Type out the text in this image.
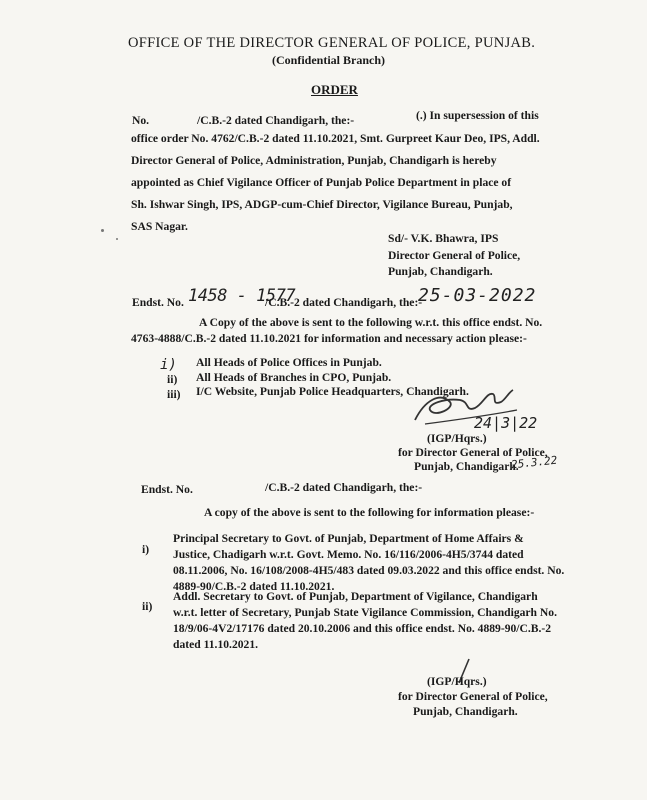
OFFICE OF THE DIRECTOR GENERAL OF POLICE, PUNJAB.
(Confidential Branch)
ORDER
No.	/C.B.-2 dated Chandigarh, the:-	(.) In supersession of this
office order No. 4762/C.B.-2 dated 11.10.2021, Smt. Gurpreet Kaur Deo, IPS, Addl.
Director General of Police, Administration, Punjab, Chandigarh is hereby
appointed as Chief Vigilance Officer of Punjab Police Department in place of
Sh. Ishwar Singh, IPS, ADGP-cum-Chief Director, Vigilance Bureau, Punjab,
SAS Nagar.
Sd/- V.K. Bhawra, IPS
Director General of Police,
Punjab, Chandigarh.
Endst. No. 1458 - 1577
/C.B.-2 dated Chandigarh, the:-
25-03-2022
A Copy of the above is sent to the following w.r.t. this office endst. No.
4763-4888/C.B.-2 dated 11.10.2021 for information and necessary action please:-
i) All Heads of Police Offices in Punjab.
ii) All Heads of Branches in CPO, Punjab.
iii) I/C Website, Punjab Police Headquarters, Chandigarh.
24|3|22
(IGP/Hqrs.)
for Director General of Police,
Punjab, Chandigarh.
25.3.22
Endst. No.	/C.B.-2 dated Chandigarh, the:-
A copy of the above is sent to the following for information please:-
i)
Principal Secretary to Govt. of Punjab, Department of Home Affairs &
Justice, Chadigarh w.r.t. Govt. Memo. No. 16/116/2006-4H5/3744 dated
08.11.2006, No. 16/108/2008-4H5/483 dated 09.03.2022 and this office endst. No.
4889-90/C.B.-2 dated 11.10.2021.
ii)
Addl. Secretary to Govt. of Punjab, Department of Vigilance, Chandigarh
w.r.t. letter of Secretary, Punjab State Vigilance Commission, Chandigarh No.
18/9/06-4V2/17176 dated 20.10.2006 and this office endst. No. 4889-90/C.B.-2
dated 11.10.2021.
(IGP/Hqrs.)
for Director General of Police,
Punjab, Chandigarh.
